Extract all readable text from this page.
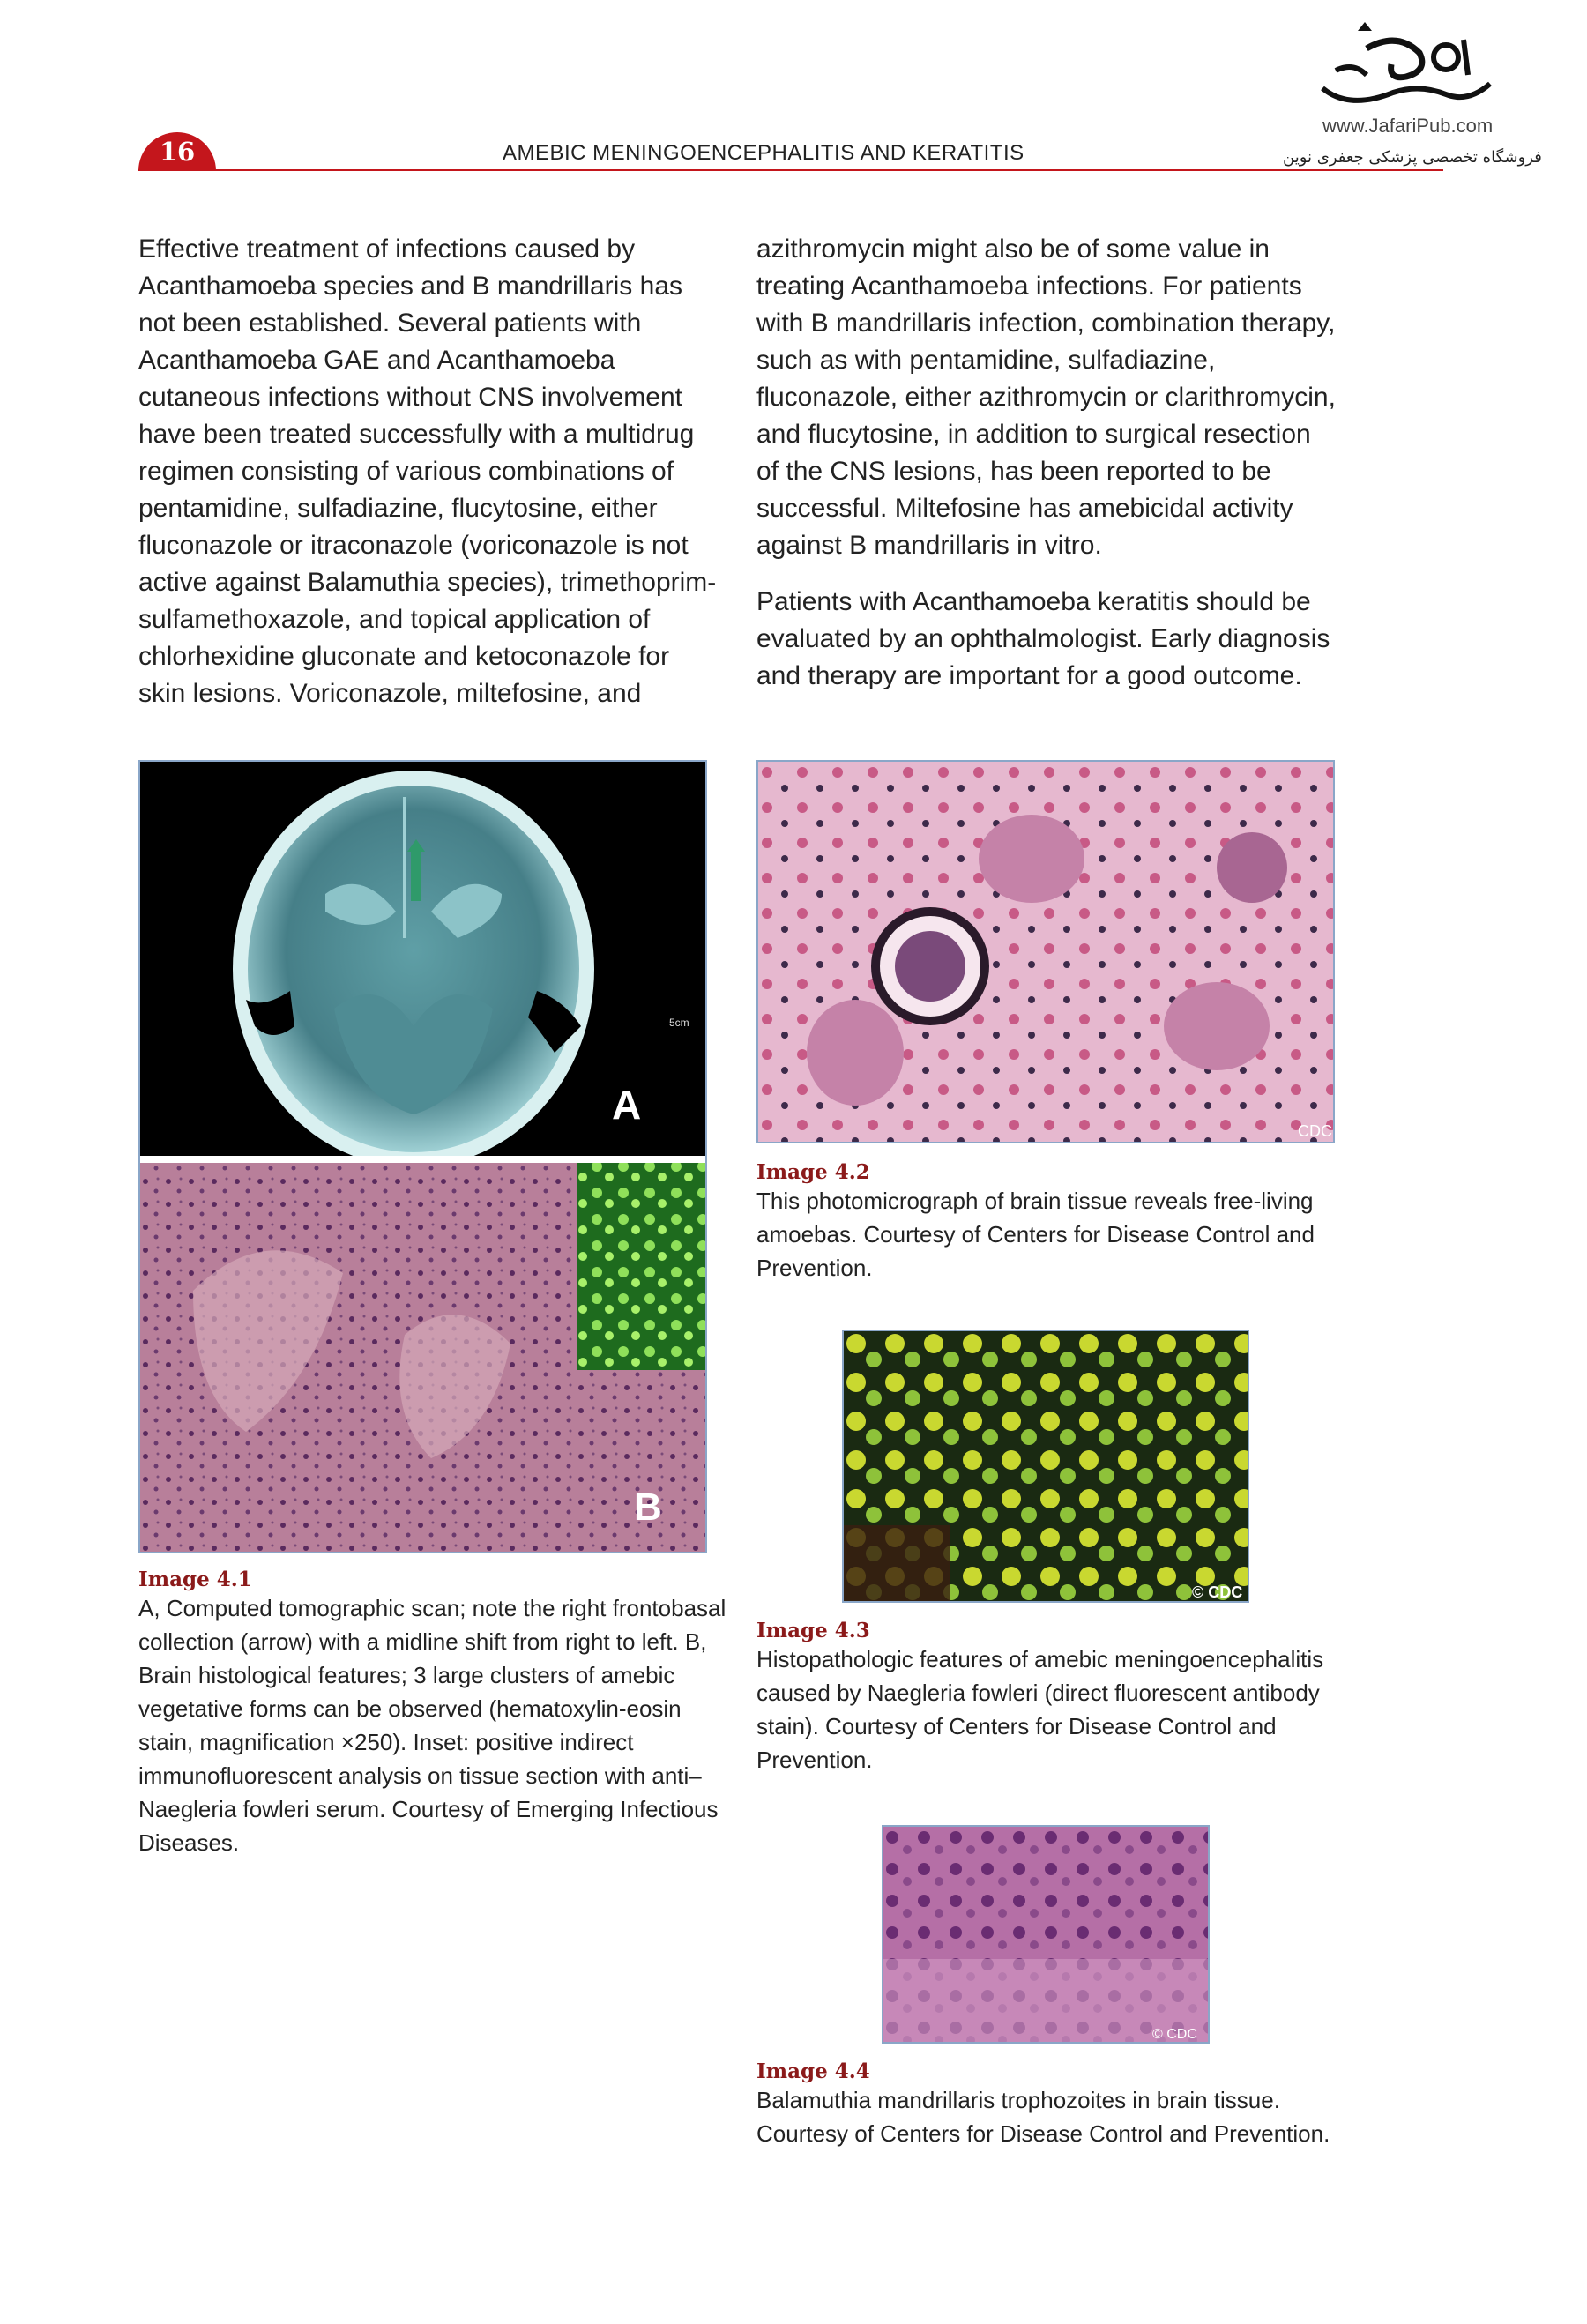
16	AMEBIC MENINGOENCEPHALITIS AND KERATITIS
www.JafariPub.com
فروشگاه تخصصی پزشکی جعفری نوین

Effective treatment of infections caused by Acanthamoeba species and B mandrillaris has not been established. Several patients with Acanthamoeba GAE and Acanthamoeba cutaneous infections without CNS involvement have been treated successfully with a multidrug regimen consisting of various combinations of pentamidine, sulfadiazine, flucytosine, either fluconazole or itraconazole (voriconazole is not active against Balamuthia species), trimethoprim-sulfamethoxazole, and topical application of chlorhexidine gluconate and ketoconazole for skin lesions. Voriconazole, miltefosine, and

azithromycin might also be of some value in treating Acanthamoeba infections. For patients with B mandrillaris infection, combination therapy, such as with pentamidine, sulfadiazine, fluconazole, either azithromycin or clarithromycin, and flucytosine, in addition to surgical resection of the CNS lesions, has been reported to be successful. Miltefosine has amebicidal activity against B mandrillaris in vitro.

Patients with Acanthamoeba keratitis should be evaluated by an ophthalmologist. Early diagnosis and therapy are important for a good outcome.

5cm
A
B
Image 4.1
A, Computed tomographic scan; note the right frontobasal collection (arrow) with a midline shift from right to left. B, Brain histological features; 3 large clusters of amebic vegetative forms can be observed (hematoxylin-eosin stain, magnification ×250). Inset: positive indirect immunofluorescent analysis on tissue section with anti–Naegleria fowleri serum. Courtesy of Emerging Infectious Diseases.
CDC
Image 4.2
This photomicrograph of brain tissue reveals free-living amoebas. Courtesy of Centers for Disease Control and Prevention.
© CDC
Image 4.3
Histopathologic features of amebic meningoencephalitis caused by Naegleria fowleri (direct fluorescent antibody stain). Courtesy of Centers for Disease Control and Prevention.
© CDC
Image 4.4
Balamuthia mandrillaris trophozoites in brain tissue. Courtesy of Centers for Disease Control and Prevention.
